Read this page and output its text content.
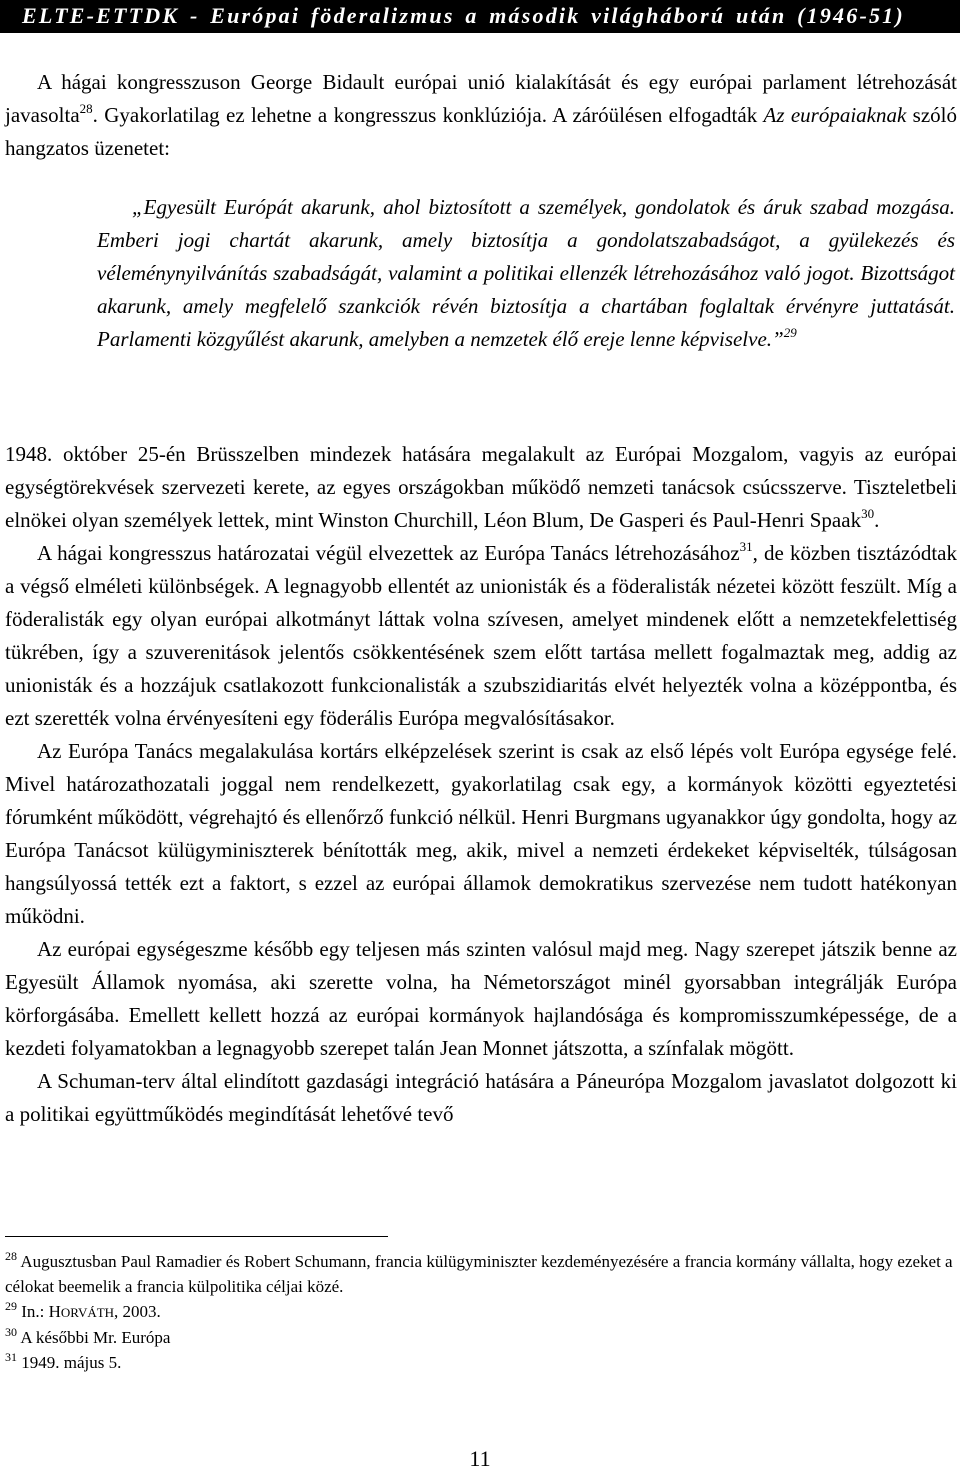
ELTE-ETTDK - Európai föderalizmus a második világháború után (1946-51)

A hágai kongresszuson George Bidault európai unió kialakítását és egy európai parlament létrehozását javasolta$^{28}$. Gyakorlatilag ez lehetne a kongresszus konklúziója. A záróülésen elfogadták Az európaiaknak szóló hangzatos üzenetet:

„Egyesült Európát akarunk, ahol biztosított a személyek, gondolatok és áruk szabad mozgása. Emberi jogi chartát akarunk, amely biztosítja a gondolatszabadságot, a gyülekezés és véleménynyilvánítás szabadságát, valamint a politikai ellenzék létrehozásához való jogot. Bizottságot akarunk, amely megfelelő szankciók révén biztosítja a chartában foglaltak érvényre juttatását. Parlamenti közgyűlést akarunk, amelyben a nemzetek élő ereje lenne képviselve.”$^{29}$

1948. október 25-én Brüsszelben mindezek hatására megalakult az Európai Mozgalom, vagyis az európai egységtörekvések szervezeti kerete, az egyes országokban működő nemzeti tanácsok csúcsszerve. Tiszteletbeli elnökei olyan személyek lettek, mint Winston Churchill, Léon Blum, De Gasperi és Paul-Henri Spaak$^{30}$.

A hágai kongresszus határozatai végül elvezettek az Európa Tanács létrehozásához$^{31}$, de közben tisztázódtak a végső elméleti különbségek. A legnagyobb ellentét az unionisták és a föderalisták nézetei között feszült. Míg a föderalisták egy olyan európai alkotmányt láttak volna szívesen, amelyet mindenek előtt a nemzetekfelettiség tükrében, így a szuverenitások jelentős csökkentésének szem előtt tartása mellett fogalmaztak meg, addig az unionisták és a hozzájuk csatlakozott funkcionalisták a szubszidiaritás elvét helyezték volna a középpontba, és ezt szerették volna érvényesíteni egy föderális Európa megvalósításakor.

Az Európa Tanács megalakulása kortárs elképzelések szerint is csak az első lépés volt Európa egysége felé. Mivel határozathozatali joggal nem rendelkezett, gyakorlatilag csak egy, a kormányok közötti egyeztetési fórumként működött, végrehajtó és ellenőrző funkció nélkül. Henri Burgmans ugyanakkor úgy gondolta, hogy az Európa Tanácsot külügyminiszterek bénították meg, akik, mivel a nemzeti érdekeket képviselték, túlságosan hangsúlyossá tették ezt a faktort, s ezzel az európai államok demokratikus szervezése nem tudott hatékonyan működni.

Az európai egységeszme később egy teljesen más szinten valósul majd meg. Nagy szerepet játszik benne az Egyesült Államok nyomása, aki szerette volna, ha Németországot minél gyorsabban integrálják Európa körforgásába. Emellett kellett hozzá az európai kormányok hajlandósága és kompromisszumképessége, de a kezdeti folyamatokban a legnagyobb szerepet talán Jean Monnet játszotta, a színfalak mögött.

A Schuman-terv által elindított gazdasági integráció hatására a Páneurópa Mozgalom javaslatot dolgozott ki a politikai együttműködés megindítását lehetővé tevő

$^{28}$ Augusztusban Paul Ramadier és Robert Schumann, francia külügyminiszter kezdeményezésére a francia kormány vállalta, hogy ezeket a célokat beemelik a francia külpolitika céljai közé.

$^{29}$ In.: HORVÁTH, 2003.

$^{30}$ A későbbi Mr. Európa

$^{31}$ 1949. május 5.

11
